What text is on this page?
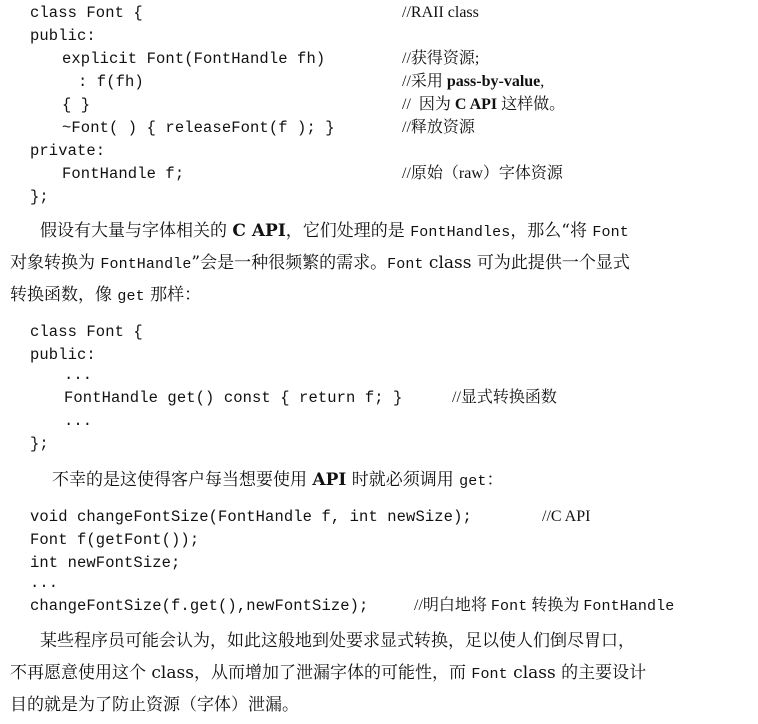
class Font {
public:
explicit Font(FontHandle fh)
: f(fh)
{ }
~Font( ) { releaseFont(f ); }
private:
FontHandle f;
};
//RAII class
//获得资源;
//采用 pass-by-value,
//  因为 C API 这样做。
//释放资源
//原始（raw）字体资源
假设有大量与字体相关的 C API，它们处理的是 FontHandles，那么“将 Font
对象转换为 FontHandle”会是一种很频繁的需求。Font class 可为此提供一个显式
转换函数，像 get 那样：
class Font {
public:
...
FontHandle get() const { return f; }
...
};
//显式转换函数
不幸的是这使得客户每当想要使用 API 时就必须调用 get：
void changeFontSize(FontHandle f, int newSize);
Font f(getFont());
int newFontSize;
...
changeFontSize(f.get(),newFontSize);
//C API
//明白地将 Font 转换为 FontHandle
某些程序员可能会认为，如此这般地到处要求显式转换，足以使人们倒尽胃口，
不再愿意使用这个 class，从而增加了泄漏字体的可能性，而 Font class 的主要设计
目的就是为了防止资源（字体）泄漏。
